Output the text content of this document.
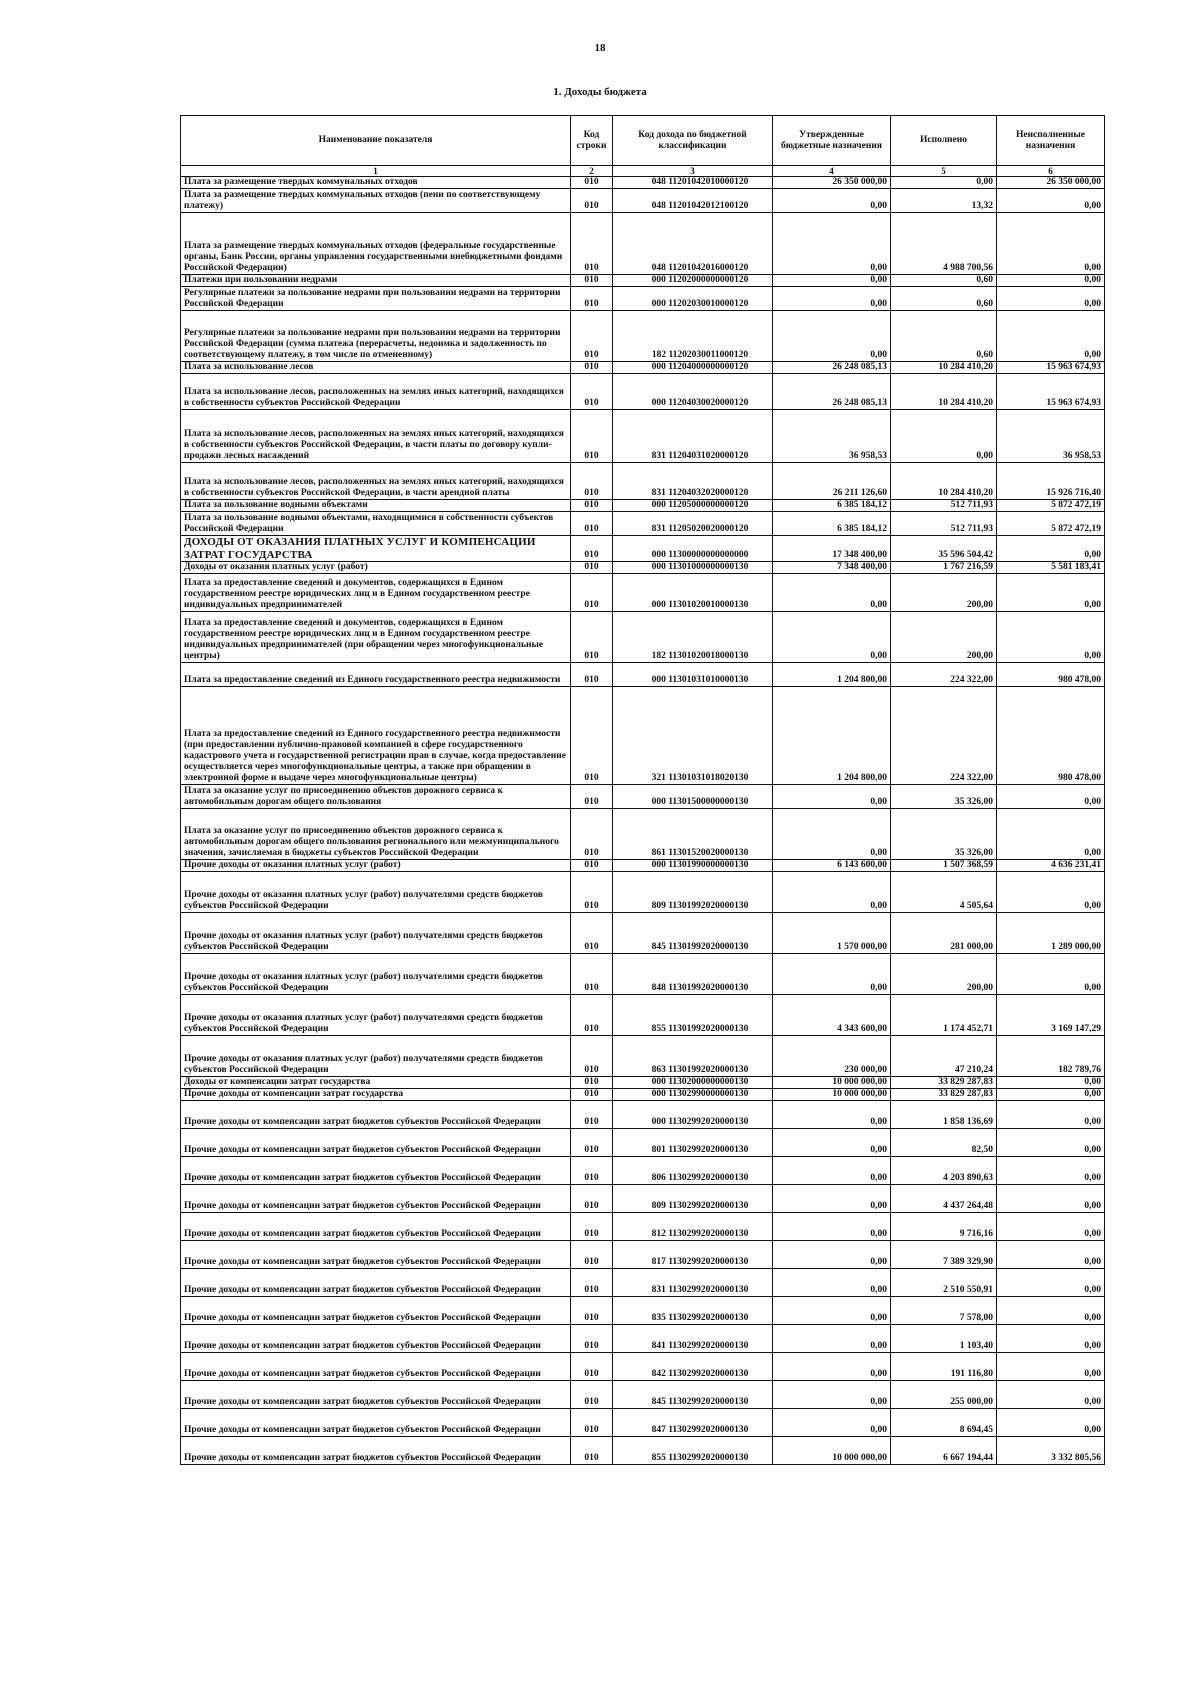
18
1. Доходы бюджета
Наименование показателя	Код строки	Код дохода по бюджетной классификации	Утвержденные бюджетные назначения	Исполнено	Неисполненные назначения
1	2	3	4	5	6
Плата за размещение твердых коммунальных отходов	010	048 11201042010000120	26 350 000,00	0,00	26 350 000,00
Плата за размещение твердых коммунальных отходов (пени по соответствующему платежу)	010	048 11201042012100120	0,00	13,32	0,00
Плата за размещение твердых коммунальных отходов (федеральные государственные органы, Банк России, органы управления государственными внебюджетными фондами Российской Федерации)	010	048 11201042016000120	0,00	4 988 700,56	0,00
Платежи при пользовании недрами	010	000 11202000000000120	0,00	0,60	0,00
Регулярные платежи за пользование недрами при пользовании недрами на территории Российской Федерации	010	000 11202030010000120	0,00	0,60	0,00
Регулярные платежи за пользование недрами при пользовании недрами на территории Российской Федерации (сумма платежа (перерасчеты, недоимка и задолженность по соответствующему платежу, в том числе по отмененному)	010	182 11202030011000120	0,00	0,60	0,00
Плата за использование лесов	010	000 11204000000000120	26 248 085,13	10 284 410,20	15 963 674,93
Плата за использование лесов, расположенных на землях иных категорий, находящихся в собственности субъектов Российской Федерации	010	000 11204030020000120	26 248 085,13	10 284 410,20	15 963 674,93
Плата за использование лесов, расположенных на землях иных категорий, находящихся в собственности субъектов Российской Федерации, в части платы по договору купли-продажи лесных насаждений	010	831 11204031020000120	36 958,53	0,00	36 958,53
Плата за использование лесов, расположенных на землях иных категорий, находящихся в собственности субъектов Российской Федерации, в части арендной платы	010	831 11204032020000120	26 211 126,60	10 284 410,20	15 926 716,40
Плата за пользование водными объектами	010	000 11205000000000120	6 385 184,12	512 711,93	5 872 472,19
Плата за пользование водными объектами, находящимися в собственности субъектов Российской Федерации	010	831 11205020020000120	6 385 184,12	512 711,93	5 872 472,19
ДОХОДЫ ОТ ОКАЗАНИЯ ПЛАТНЫХ УСЛУГ И КОМПЕНСАЦИИ ЗАТРАТ ГОСУДАРСТВА	010	000 11300000000000000	17 348 400,00	35 596 504,42	0,00
Доходы от оказания платных услуг (работ)	010	000 11301000000000130	7 348 400,00	1 767 216,59	5 581 183,41
Плата за предоставление сведений и документов, содержащихся в Едином государственном реестре юридических лиц и в Едином государственном реестре индивидуальных предпринимателей	010	000 11301020010000130	0,00	200,00	0,00
Плата за предоставление сведений и документов, содержащихся в Едином государственном реестре юридических лиц и в Едином государственном реестре индивидуальных предпринимателей (при обращении через многофункциональные центры)	010	182 11301020018000130	0,00	200,00	0,00
Плата за предоставление сведений из Единого государственного реестра недвижимости	010	000 11301031010000130	1 204 800,00	224 322,00	980 478,00
Плата за предоставление сведений из Единого государственного реестра недвижимости (при предоставлении публично-правовой компанией в сфере государственного кадастрового учета и государственной регистрации прав в случае, когда предоставление осуществляется через многофункциональные центры, а также при обращении в электронной форме и выдаче через многофункциональные центры)	010	321 11301031018020130	1 204 800,00	224 322,00	980 478,00
Плата за оказание услуг по присоединению объектов дорожного сервиса к автомобильным дорогам общего пользования	010	000 11301500000000130	0,00	35 326,00	0,00
Плата за оказание услуг по присоединению объектов дорожного сервиса к автомобильным дорогам общего пользования регионального или межмуниципального значения, зачисляемая в бюджеты субъектов Российской Федерации	010	861 11301520020000130	0,00	35 326,00	0,00
Прочие доходы от оказания платных услуг (работ)	010	000 11301990000000130	6 143 600,00	1 507 368,59	4 636 231,41
Прочие доходы от оказания платных услуг (работ) получателями средств бюджетов субъектов Российской Федерации	010	809 11301992020000130	0,00	4 505,64	0,00
Прочие доходы от оказания платных услуг (работ) получателями средств бюджетов субъектов Российской Федерации	010	845 11301992020000130	1 570 000,00	281 000,00	1 289 000,00
Прочие доходы от оказания платных услуг (работ) получателями средств бюджетов субъектов Российской Федерации	010	848 11301992020000130	0,00	200,00	0,00
Прочие доходы от оказания платных услуг (работ) получателями средств бюджетов субъектов Российской Федерации	010	855 11301992020000130	4 343 600,00	1 174 452,71	3 169 147,29
Прочие доходы от оказания платных услуг (работ) получателями средств бюджетов субъектов Российской Федерации	010	863 11301992020000130	230 000,00	47 210,24	182 789,76
Доходы от компенсации затрат государства	010	000 11302000000000130	10 000 000,00	33 829 287,83	0,00
Прочие доходы от компенсации затрат государства	010	000 11302990000000130	10 000 000,00	33 829 287,83	0,00
Прочие доходы от компенсации затрат бюджетов субъектов Российской Федерации	010	000 11302992020000130	0,00	1 858 136,69	0,00
Прочие доходы от компенсации затрат бюджетов субъектов Российской Федерации	010	801 11302992020000130	0,00	82,50	0,00
Прочие доходы от компенсации затрат бюджетов субъектов Российской Федерации	010	806 11302992020000130	0,00	4 203 890,63	0,00
Прочие доходы от компенсации затрат бюджетов субъектов Российской Федерации	010	809 11302992020000130	0,00	4 437 264,48	0,00
Прочие доходы от компенсации затрат бюджетов субъектов Российской Федерации	010	812 11302992020000130	0,00	9 716,16	0,00
Прочие доходы от компенсации затрат бюджетов субъектов Российской Федерации	010	817 11302992020000130	0,00	7 389 329,90	0,00
Прочие доходы от компенсации затрат бюджетов субъектов Российской Федерации	010	831 11302992020000130	0,00	2 510 550,91	0,00
Прочие доходы от компенсации затрат бюджетов субъектов Российской Федерации	010	835 11302992020000130	0,00	7 578,00	0,00
Прочие доходы от компенсации затрат бюджетов субъектов Российской Федерации	010	841 11302992020000130	0,00	1 103,40	0,00
Прочие доходы от компенсации затрат бюджетов субъектов Российской Федерации	010	842 11302992020000130	0,00	191 116,80	0,00
Прочие доходы от компенсации затрат бюджетов субъектов Российской Федерации	010	845 11302992020000130	0,00	255 000,00	0,00
Прочие доходы от компенсации затрат бюджетов субъектов Российской Федерации	010	847 11302992020000130	0,00	8 694,45	0,00
Прочие доходы от компенсации затрат бюджетов субъектов Российской Федерации	010	855 11302992020000130	10 000 000,00	6 667 194,44	3 332 805,56
